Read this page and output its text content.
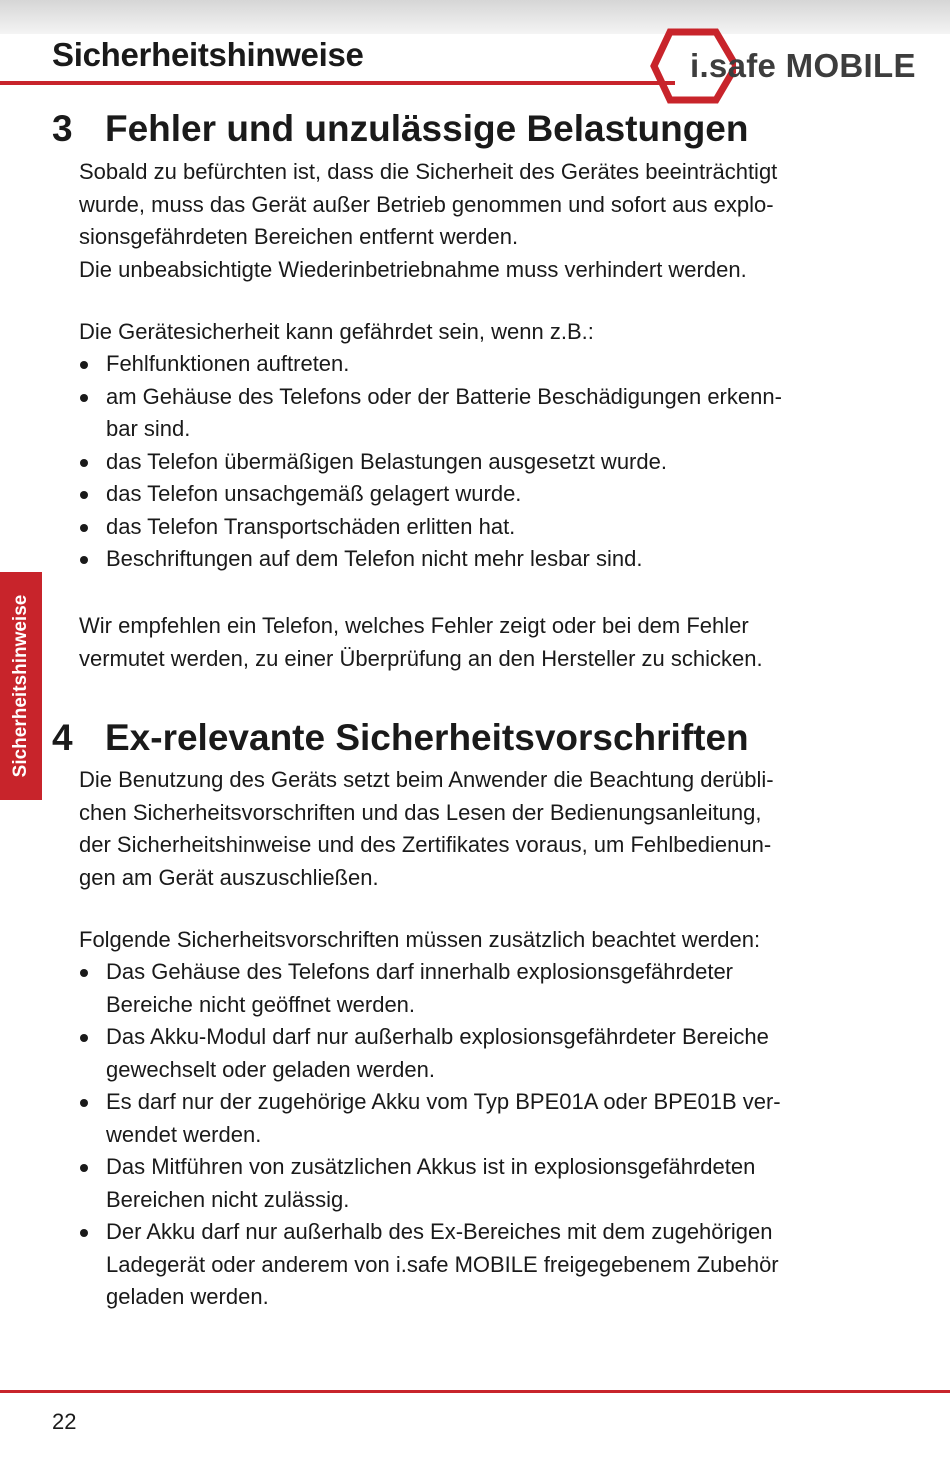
Sicherheitshinweise	i.safe MOBILE
Sicherheitshinweise
3 Fehler und unzulässige Belastungen
Sobald zu befürchten ist, dass die Sicherheit des Gerätes beeinträchtigt
wurde, muss das Gerät außer Betrieb genommen und sofort aus explo-
sionsgefährdeten Bereichen entfernt werden.
Die unbeabsichtigte Wiederinbetriebnahme muss verhindert werden.
Die Gerätesicherheit kann gefährdet sein, wenn z.B.:
Fehlfunktionen auftreten.
am Gehäuse des Telefons oder der Batterie Beschädigungen erkenn-
bar sind.
das Telefon übermäßigen Belastungen ausgesetzt wurde.
das Telefon unsachgemäß gelagert wurde.
das Telefon Transportschäden erlitten hat.
Beschriftungen auf dem Telefon nicht mehr lesbar sind.
Wir empfehlen ein Telefon, welches Fehler zeigt oder bei dem Fehler
vermutet werden, zu einer Überprüfung an den Hersteller zu schicken.
4 Ex-relevante Sicherheitsvorschriften
Die Benutzung des Geräts setzt beim Anwender die Beachtung derübli-
chen Sicherheitsvorschriften und das Lesen der Bedienungsanleitung,
der Sicherheitshinweise und des Zertifikates voraus, um Fehlbedienun-
gen am Gerät auszuschließen.
Folgende Sicherheitsvorschriften müssen zusätzlich beachtet werden:
Das Gehäuse des Telefons darf innerhalb explosionsgefährdeter
Bereiche nicht geöffnet werden.
Das Akku-Modul darf nur außerhalb explosionsgefährdeter Bereiche
gewechselt oder geladen werden.
Es darf nur der zugehörige Akku vom Typ BPE01A oder BPE01B ver-
wendet werden.
Das Mitführen von zusätzlichen Akkus ist in explosionsgefährdeten
Bereichen nicht zulässig.
Der Akku darf nur außerhalb des Ex-Bereiches mit dem zugehörigen
Ladegerät oder anderem von i.safe MOBILE freigegebenem Zubehör
geladen werden.
22
